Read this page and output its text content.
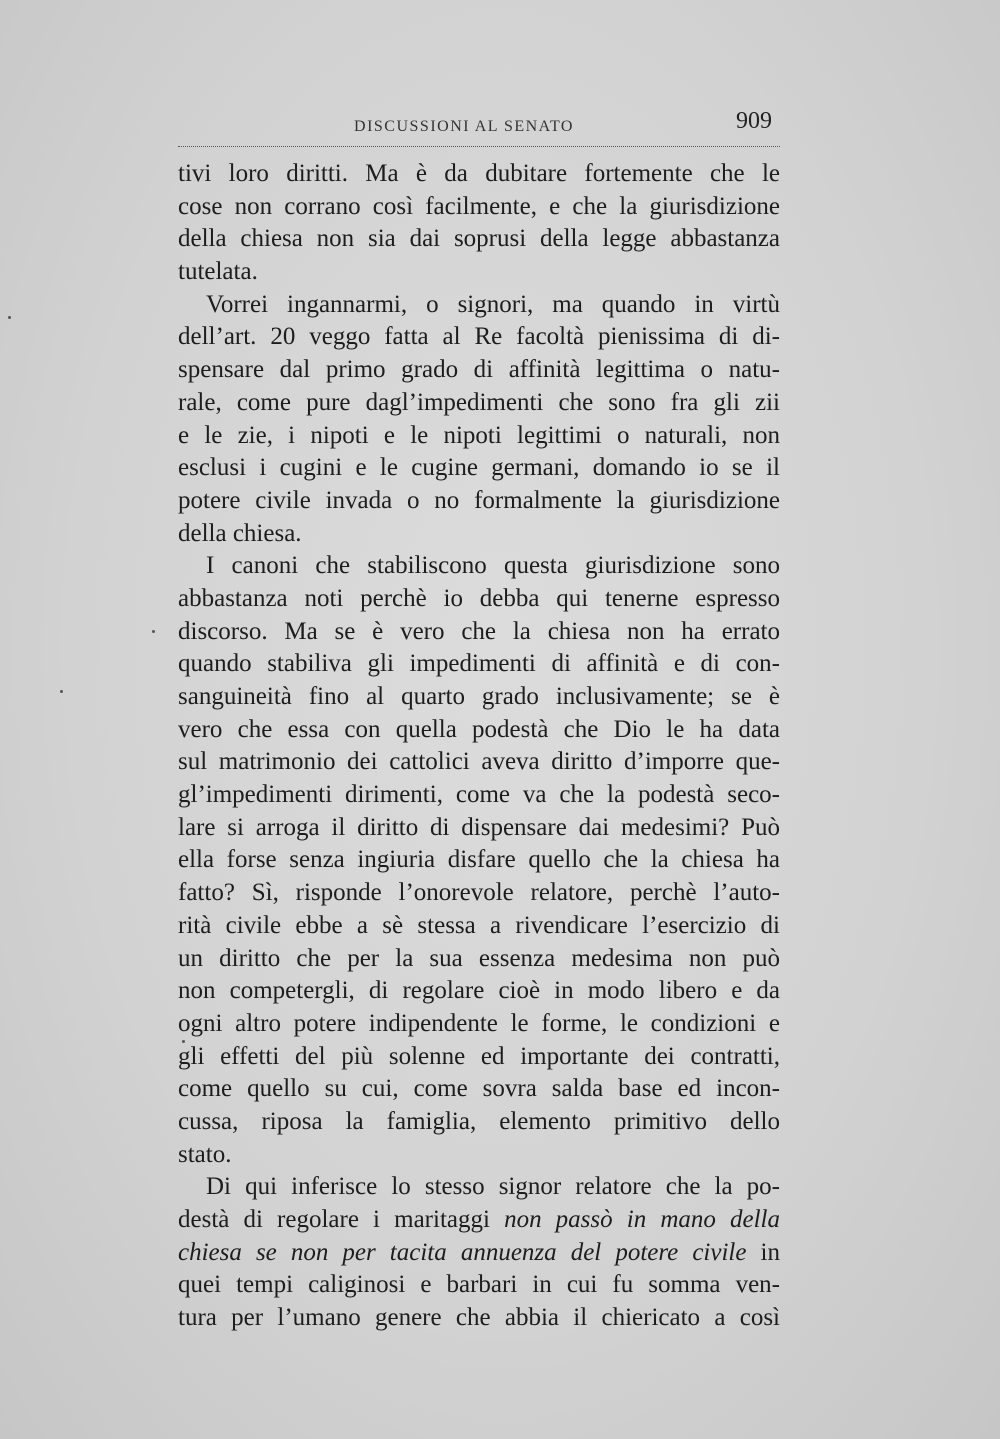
DISCUSSIONI AL SENATO	909
tivi loro diritti. Ma è da dubitare fortemente che le
cose non corrano così facilmente, e che la giurisdizione
della chiesa non sia dai soprusi della legge abbastanza
tutelata.
Vorrei ingannarmi, o signori, ma quando in virtù
dell’art. 20 veggo fatta al Re facoltà pienissima di di-
spensare dal primo grado di affinità legittima o natu-
rale, come pure dagl’impedimenti che sono fra gli zii
e le zie, i nipoti e le nipoti legittimi o naturali, non
esclusi i cugini e le cugine germani, domando io se il
potere civile invada o no formalmente la giurisdizione
della chiesa.
I canoni che stabiliscono questa giurisdizione sono
abbastanza noti perchè io debba qui tenerne espresso
discorso. Ma se è vero che la chiesa non ha errato
quando stabiliva gli impedimenti di affinità e di con-
sanguineità fino al quarto grado inclusivamente; se è
vero che essa con quella podestà che Dio le ha data
sul matrimonio dei cattolici aveva diritto d’imporre que-
gl’impedimenti dirimenti, come va che la podestà seco-
lare si arroga il diritto di dispensare dai medesimi? Può
ella forse senza ingiuria disfare quello che la chiesa ha
fatto? Sì, risponde l’onorevole relatore, perchè l’auto-
rità civile ebbe a sè stessa a rivendicare l’esercizio di
un diritto che per la sua essenza medesima non può
non competergli, di regolare cioè in modo libero e da
ogni altro potere indipendente le forme, le condizioni e
gli effetti del più solenne ed importante dei contratti,
come quello su cui, come sovra salda base ed incon-
cussa, riposa la famiglia, elemento primitivo dello
stato.
Di qui inferisce lo stesso signor relatore che la po-
destà di regolare i maritaggi non passò in mano della
chiesa se non per tacita annuenza del potere civile in
quei tempi caliginosi e barbari in cui fu somma ven-
tura per l’umano genere che abbia il chiericato a così
